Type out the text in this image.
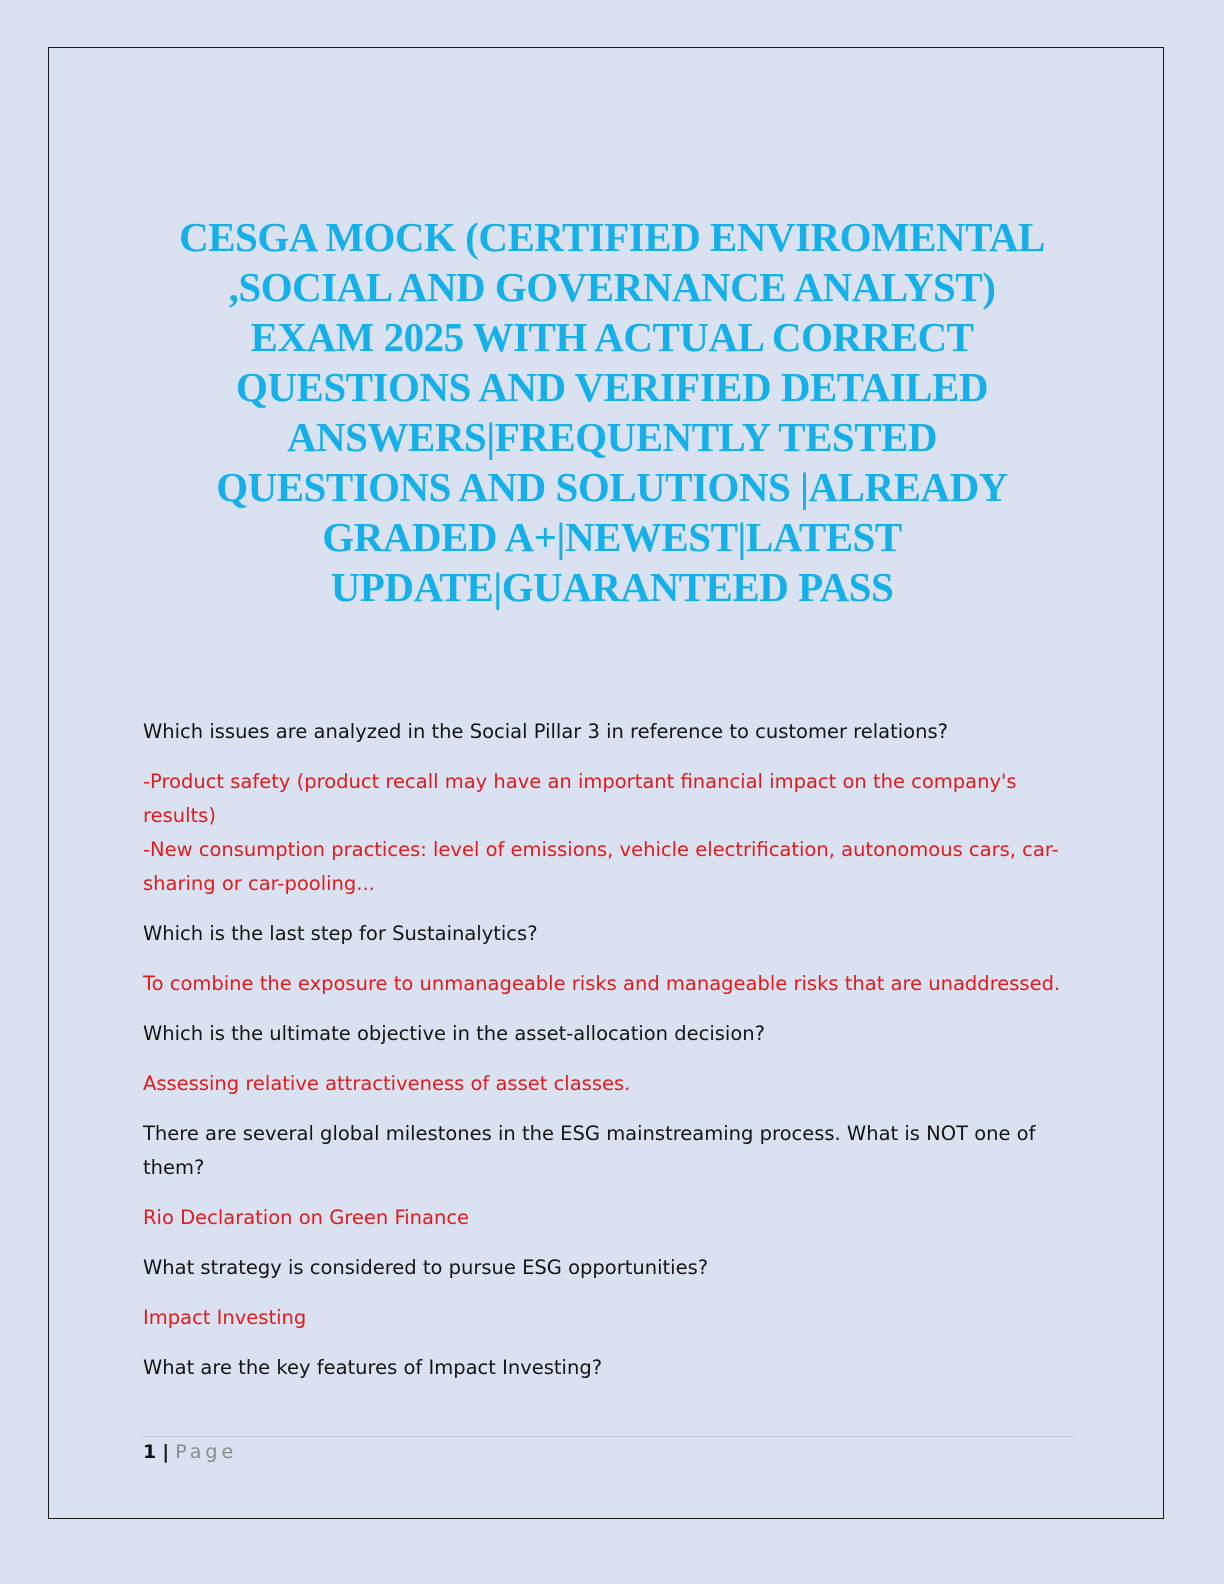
CESGA MOCK (CERTIFIED ENVIROMENTAL
,SOCIAL AND GOVERNANCE ANALYST)
EXAM 2025 WITH ACTUAL CORRECT
QUESTIONS AND VERIFIED DETAILED
ANSWERS|FREQUENTLY TESTED
QUESTIONS AND SOLUTIONS |ALREADY
GRADED A+|NEWEST|LATEST
UPDATE|GUARANTEED PASS

Which issues are analyzed in the Social Pillar 3 in reference to customer relations?

-Product safety (product recall may have an important financial impact on the company's results)

-New consumption practices: level of emissions, vehicle electrification, autonomous cars, car-sharing or car-pooling...

Which is the last step for Sustainalytics?

To combine the exposure to unmanageable risks and manageable risks that are unaddressed.

Which is the ultimate objective in the asset-allocation decision?

Assessing relative attractiveness of asset classes.

There are several global milestones in the ESG mainstreaming process. What is NOT one of them?

Rio Declaration on Green Finance

What strategy is considered to pursue ESG opportunities?

Impact Investing

What are the key features of Impact Investing?

1 | Page
